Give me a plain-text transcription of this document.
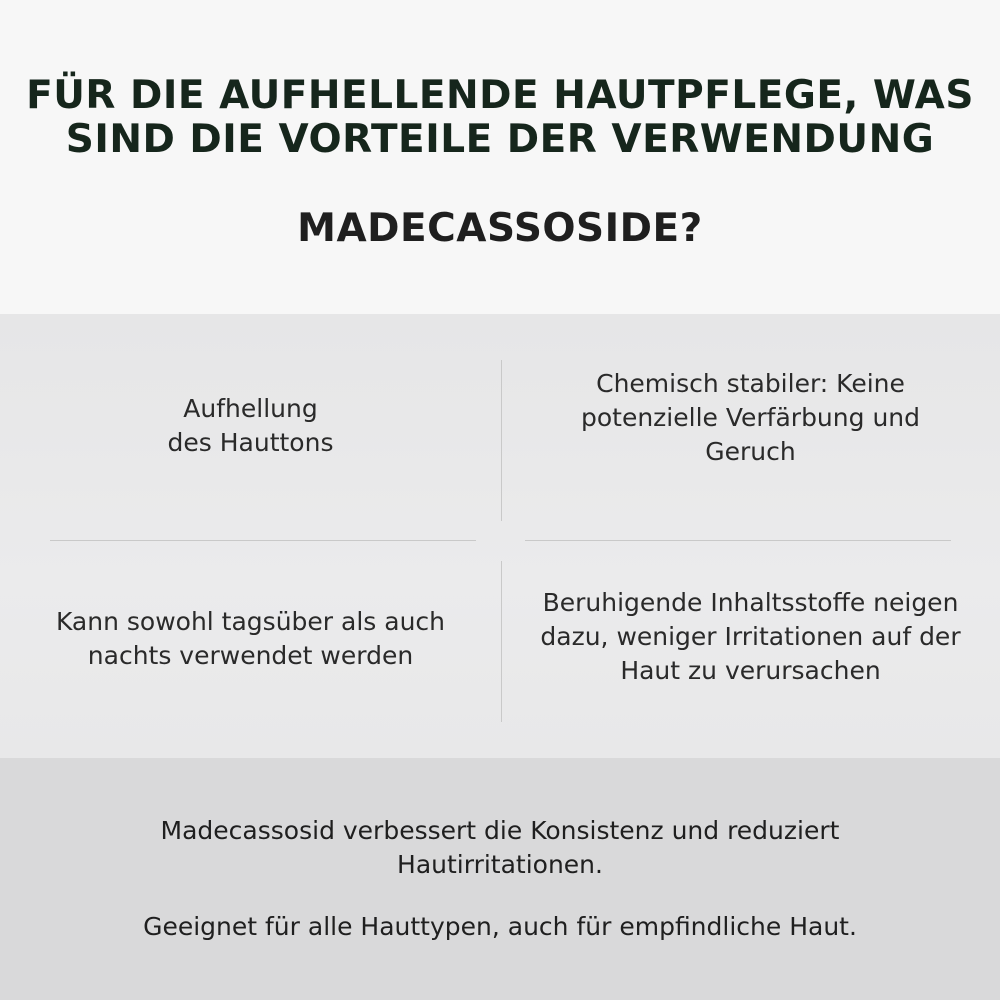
FÜR DIE AUFHELLENDE HAUTPFLEGE, WAS
SIND DIE VORTEILE DER VERWENDUNG
MADECASSOSIDE?
Aufhellung
des Hauttons
Chemisch stabiler: Keine
potenzielle Verfärbung und
Geruch
Kann sowohl tagsüber als auch
nachts verwendet werden
Beruhigende Inhaltsstoffe neigen
dazu, weniger Irritationen auf der
Haut zu verursachen
Madecassosid verbessert die Konsistenz und reduziert
Hautirritationen.
Geeignet für alle Hauttypen, auch für empfindliche Haut.
